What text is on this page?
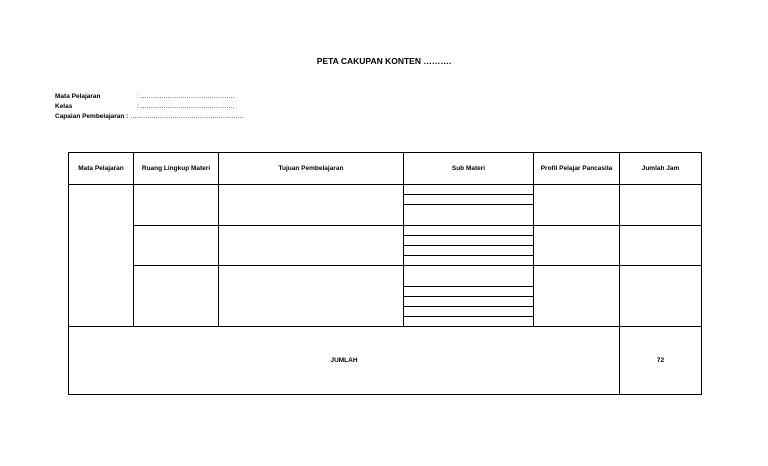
PETA CAKUPAN KONTEN ……….
Mata Pelajaran	: ………………………………………
Kelas	: ………………………………………
Capaian Pembelajaran : ………………………………………………
Mata Pelajaran	Ruang Lingkup Materi	Tujuan Pembelajaran	Sub Materi	Profil Pelajar Pancasila	Jumlah Jam

JUMLAH					72
